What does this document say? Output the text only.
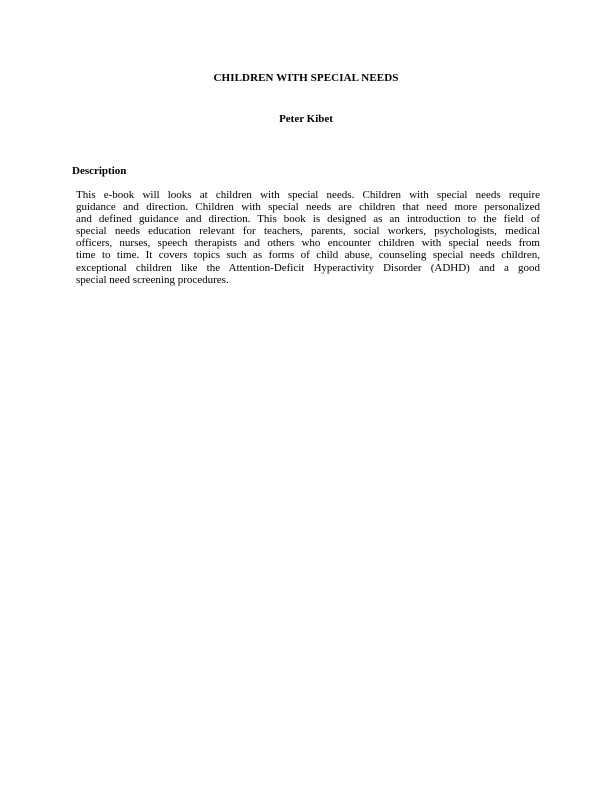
CHILDREN WITH SPECIAL NEEDS
Peter Kibet
Description
This e-book will looks at children with special needs. Children with special needs require
guidance and direction. Children with special needs are children that need more personalized
and defined guidance and direction. This book is designed as an introduction to the field of
special needs education relevant for teachers, parents, social workers, psychologists, medical
officers, nurses, speech therapists and others who encounter children with special needs from
time to time. It covers topics such as forms of child abuse, counseling special needs children,
exceptional children like the Attention-Deficit Hyperactivity Disorder (ADHD) and a good
special need screening procedures.
